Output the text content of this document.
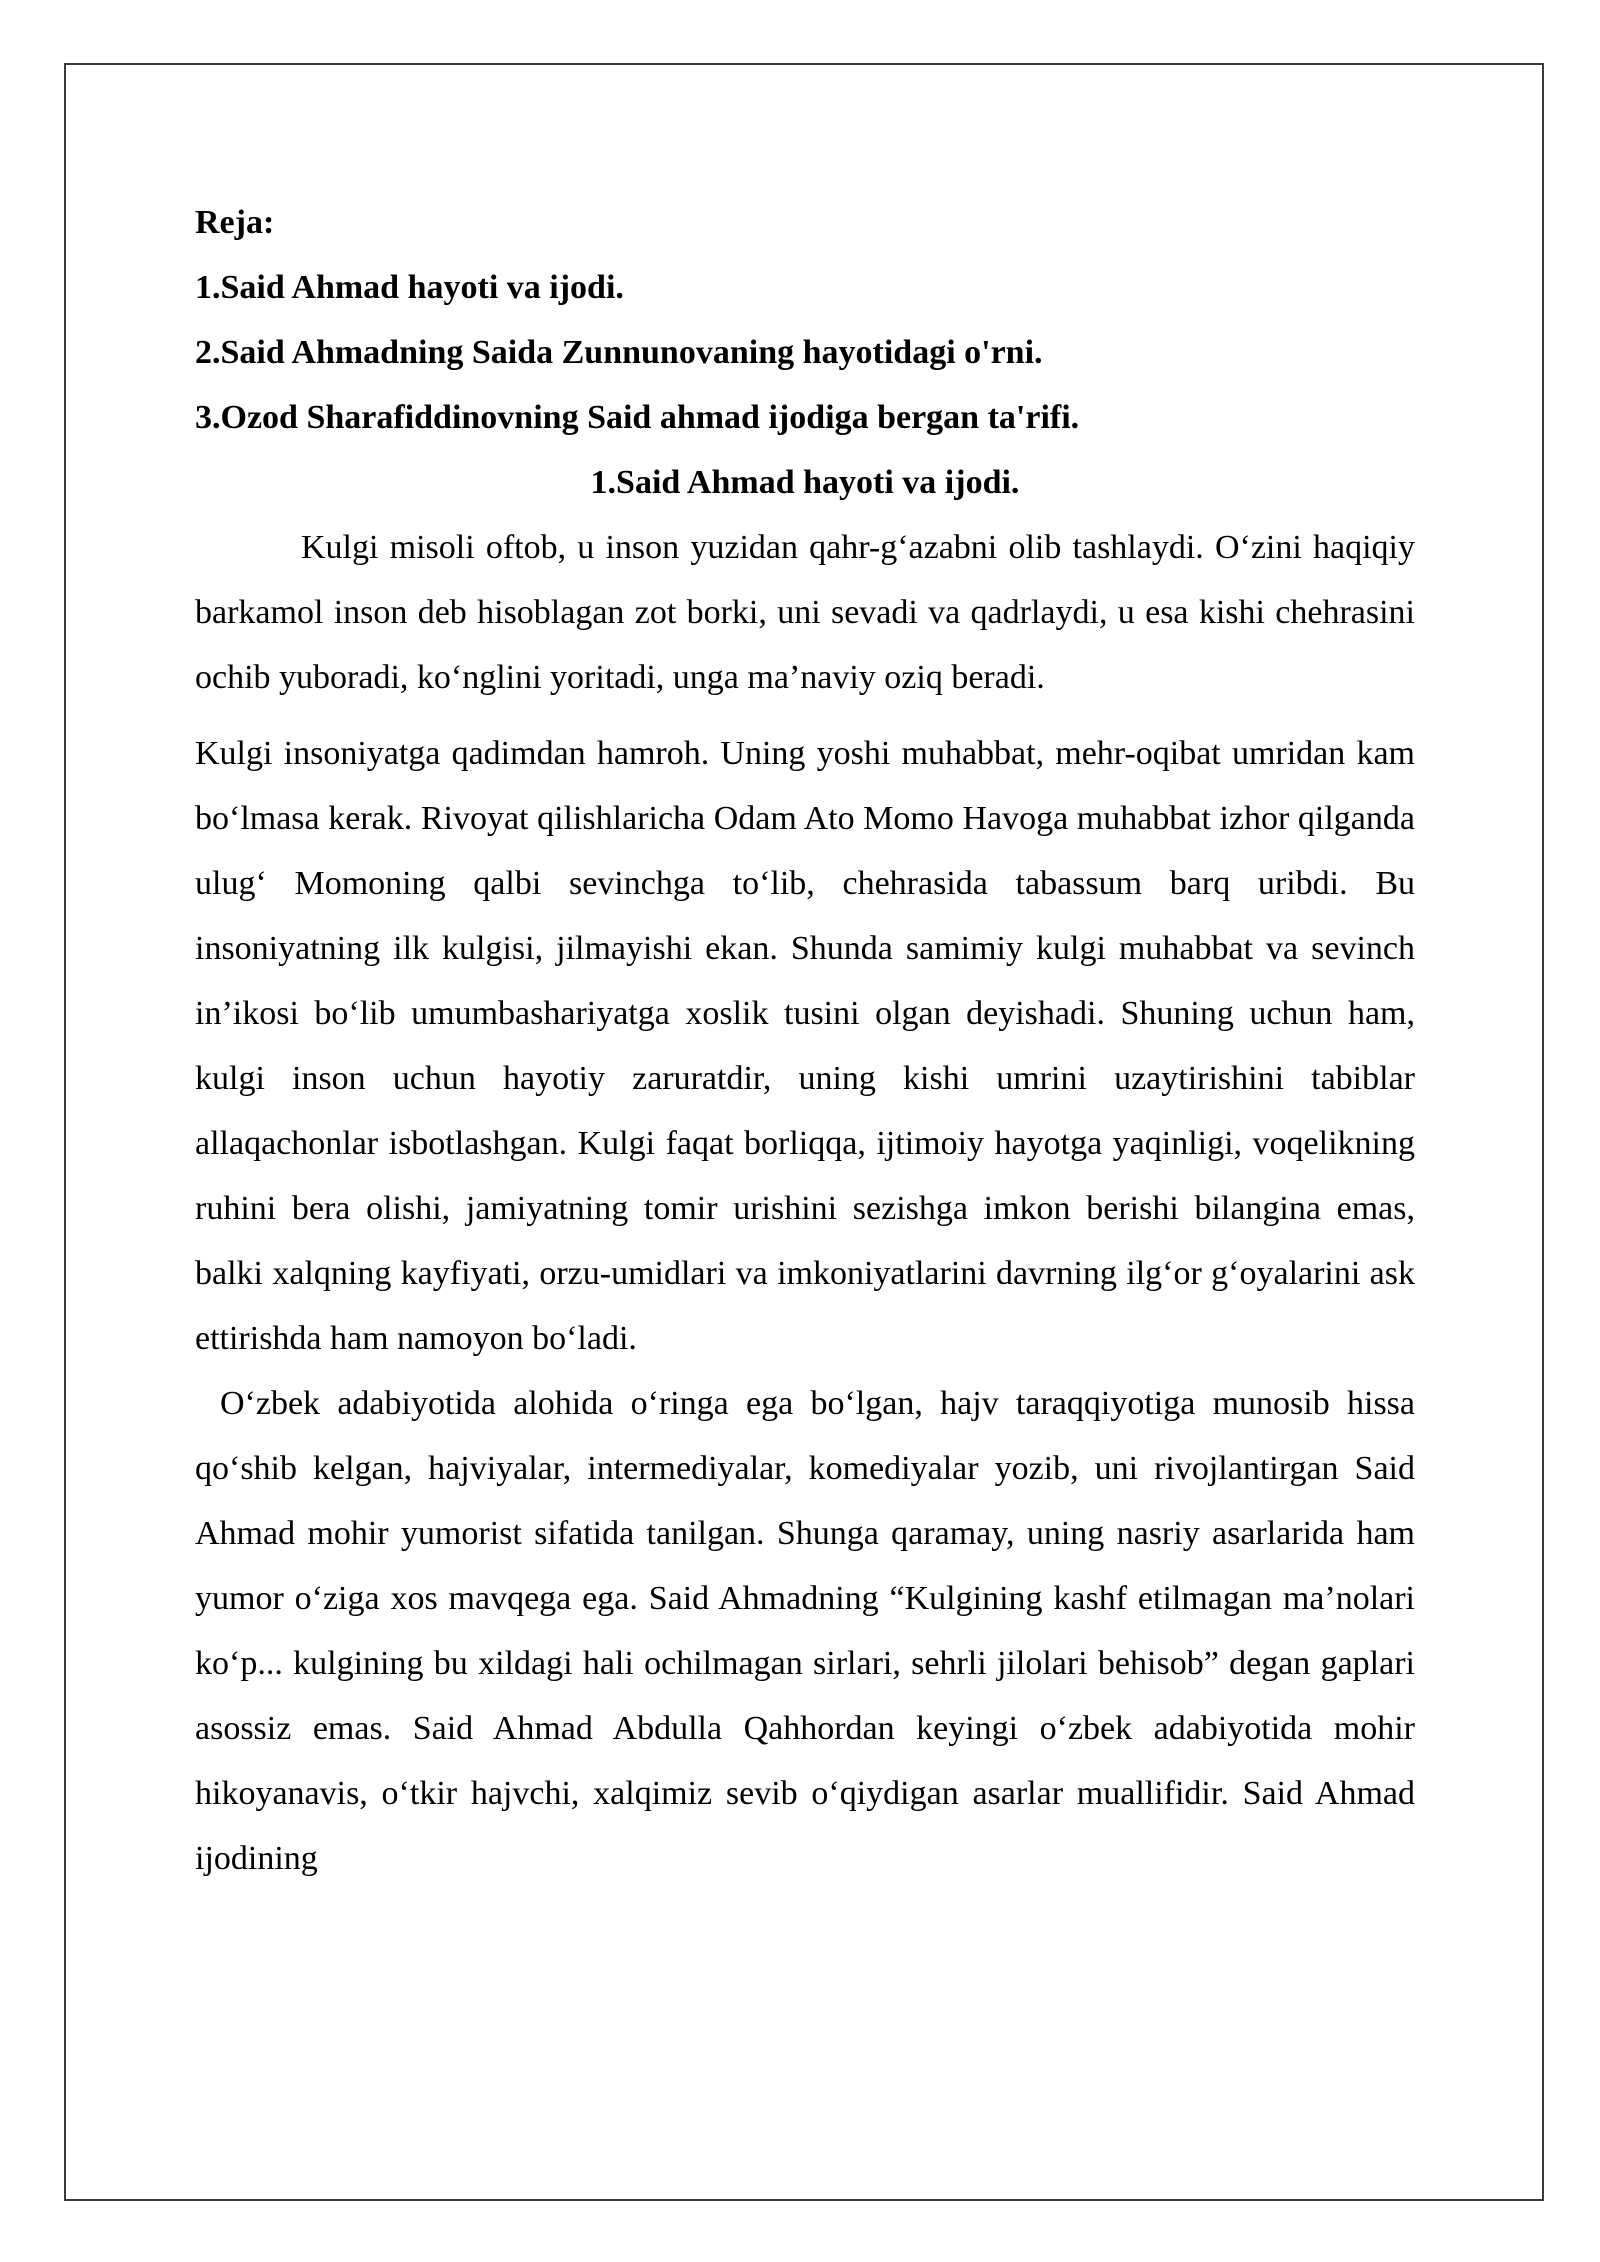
Reja:

1.Said Ahmad hayoti va ijodi.

2.Said Ahmadning Saida Zunnunovaning hayotidagi o'rni.

3.Ozod Sharafiddinovning Said ahmad ijodiga bergan ta'rifi.

1.Said Ahmad hayoti va ijodi.

Kulgi misoli oftob, u inson yuzidan qahr-g‘azabni olib tashlaydi. O‘zini haqiqiy barkamol inson deb hisoblagan zot borki, uni sevadi va qadrlaydi, u esa kishi chehrasini ochib yuboradi, ko‘nglini yoritadi, unga ma’naviy oziq beradi.

Kulgi insoniyatga qadimdan hamroh. Uning yoshi muhabbat, mehr-oqibat umridan kam bo‘lmasa kerak. Rivoyat qilishlaricha Odam Ato Momo Havoga muhabbat izhor qilganda ulug‘ Momoning qalbi sevinchga to‘lib, chehrasida tabassum barq uribdi. Bu insoniyatning ilk kulgisi, jilmayishi ekan. Shunda samimiy kulgi muhabbat va sevinch in’ikosi bo‘lib umumbashariyatga xoslik tusini olgan deyishadi. Shuning uchun ham, kulgi inson uchun hayotiy zaruratdir, uning kishi umrini uzaytirishini tabiblar allaqachonlar isbotlashgan. Kulgi faqat borliqqa, ijtimoiy hayotga yaqinligi, voqelikning ruhini bera olishi, jamiyatning tomir urishini sezishga imkon berishi bilangina emas, balki xalqning kayfiyati, orzu-umidlari va imkoniyatlarini davrning ilg‘or g‘oyalarini ask ettirishda ham namoyon bo‘ladi.

O‘zbek adabiyotida alohida o‘ringa ega bo‘lgan, hajv taraqqiyotiga munosib hissa qo‘shib kelgan, hajviyalar, intermediyalar, komediyalar yozib, uni rivojlantirgan Said Ahmad mohir yumorist sifatida tanilgan. Shunga qaramay, uning nasriy asarlarida ham yumor o‘ziga xos mavqega ega. Said Ahmadning “Kulgining kashf etilmagan ma’nolari ko‘p... kulgining bu xildagi hali ochilmagan sirlari, sehrli jilolari behisob” degan gaplari asossiz emas. Said Ahmad Abdulla Qahhordan keyingi o‘zbek adabiyotida mohir hikoyanavis, o‘tkir hajvchi, xalqimiz sevib o‘qiydigan asarlar muallifidir. Said Ahmad ijodining
